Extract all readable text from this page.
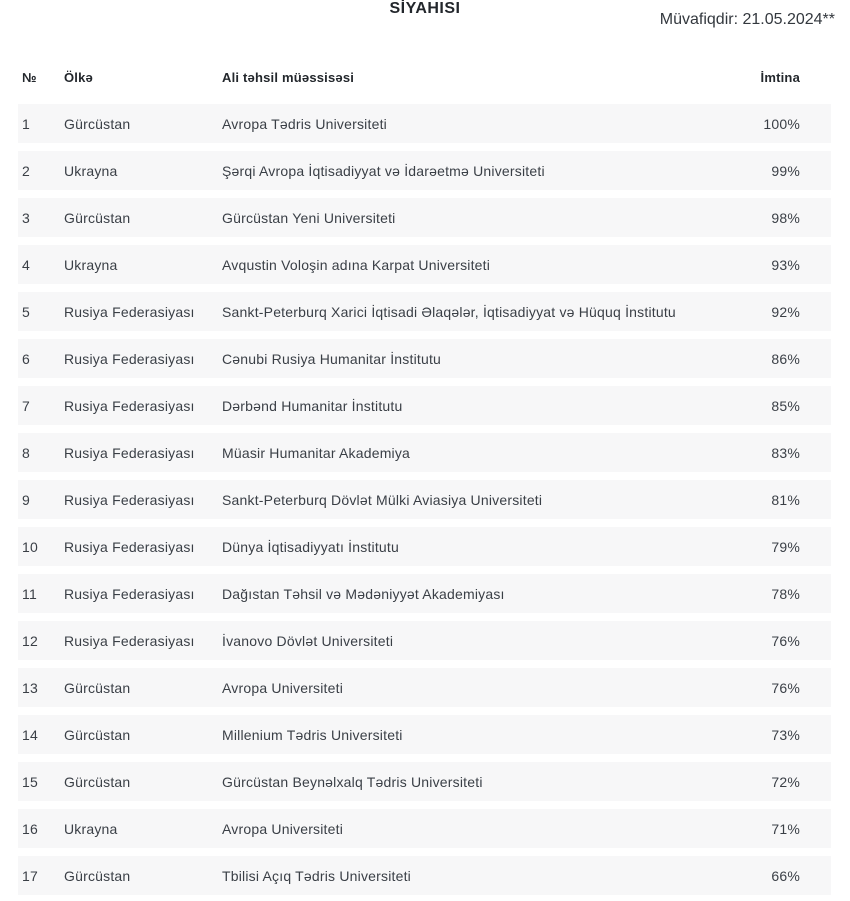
SİYAHISI
Müvafiqdir: 21.05.2024**
№	Ölkə	Ali təhsil müəssisəsi	İmtina
1	Gürcüstan	Avropa Tədris Universiteti	100%
2	Ukrayna	Şərqi Avropa İqtisadiyyat və İdarəetmə Universiteti	99%
3	Gürcüstan	Gürcüstan Yeni Universiteti	98%
4	Ukrayna	Avqustin Voloşin adına Karpat Universiteti	93%
5	Rusiya Federasiyası	Sankt-Peterburq Xarici İqtisadi Əlaqələr, İqtisadiyyat və Hüquq İnstitutu	92%
6	Rusiya Federasiyası	Cənubi Rusiya Humanitar İnstitutu	86%
7	Rusiya Federasiyası	Dərbənd Humanitar İnstitutu	85%
8	Rusiya Federasiyası	Müasir Humanitar Akademiya	83%
9	Rusiya Federasiyası	Sankt-Peterburq Dövlət Mülki Aviasiya Universiteti	81%
10	Rusiya Federasiyası	Dünya İqtisadiyyatı İnstitutu	79%
11	Rusiya Federasiyası	Dağıstan Təhsil və Mədəniyyət Akademiyası	78%
12	Rusiya Federasiyası	İvanovo Dövlət Universiteti	76%
13	Gürcüstan	Avropa Universiteti	76%
14	Gürcüstan	Millenium Tədris Universiteti	73%
15	Gürcüstan	Gürcüstan Beynəlxalq Tədris Universiteti	72%
16	Ukrayna	Avropa Universiteti	71%
17	Gürcüstan	Tbilisi Açıq Tədris Universiteti	66%
